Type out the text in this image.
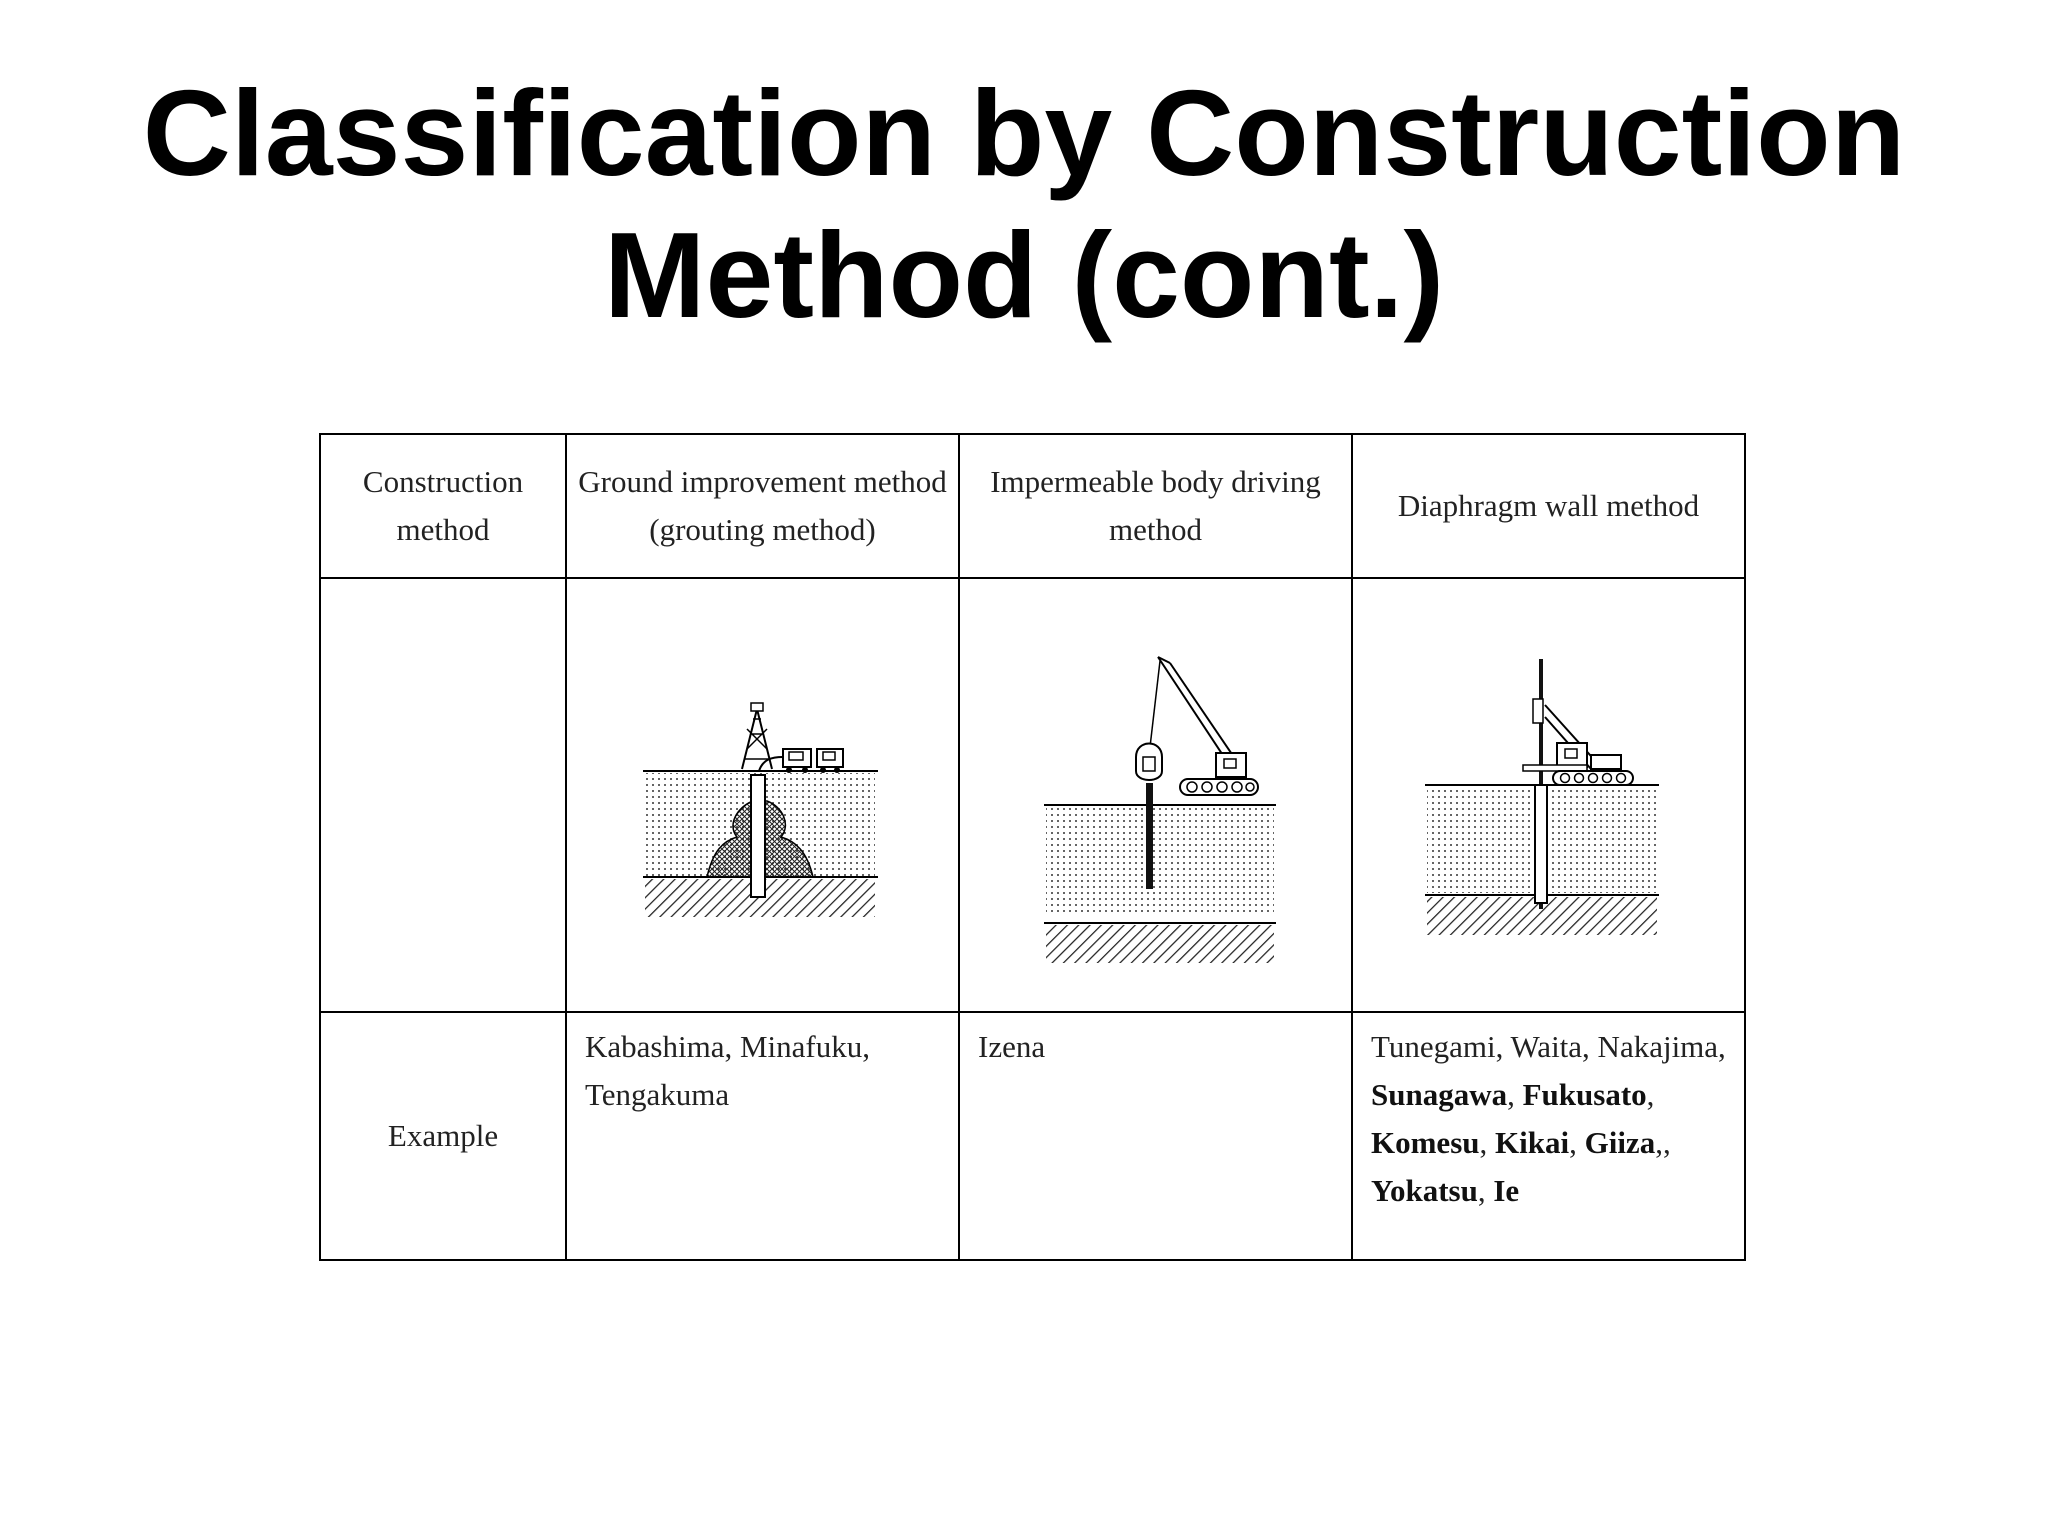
Classification by Construction Method (cont.)
Construction method	Ground improvement method (grouting method)	Impermeable body driving method	Diaphragm wall method

Example	Kabashima, Minafuku, Tengakuma	Izena	Tunegami, Waita, Nakajima, Sunagawa, Fukusato, Komesu, Kikai, Giiza,, Yokatsu, Ie
